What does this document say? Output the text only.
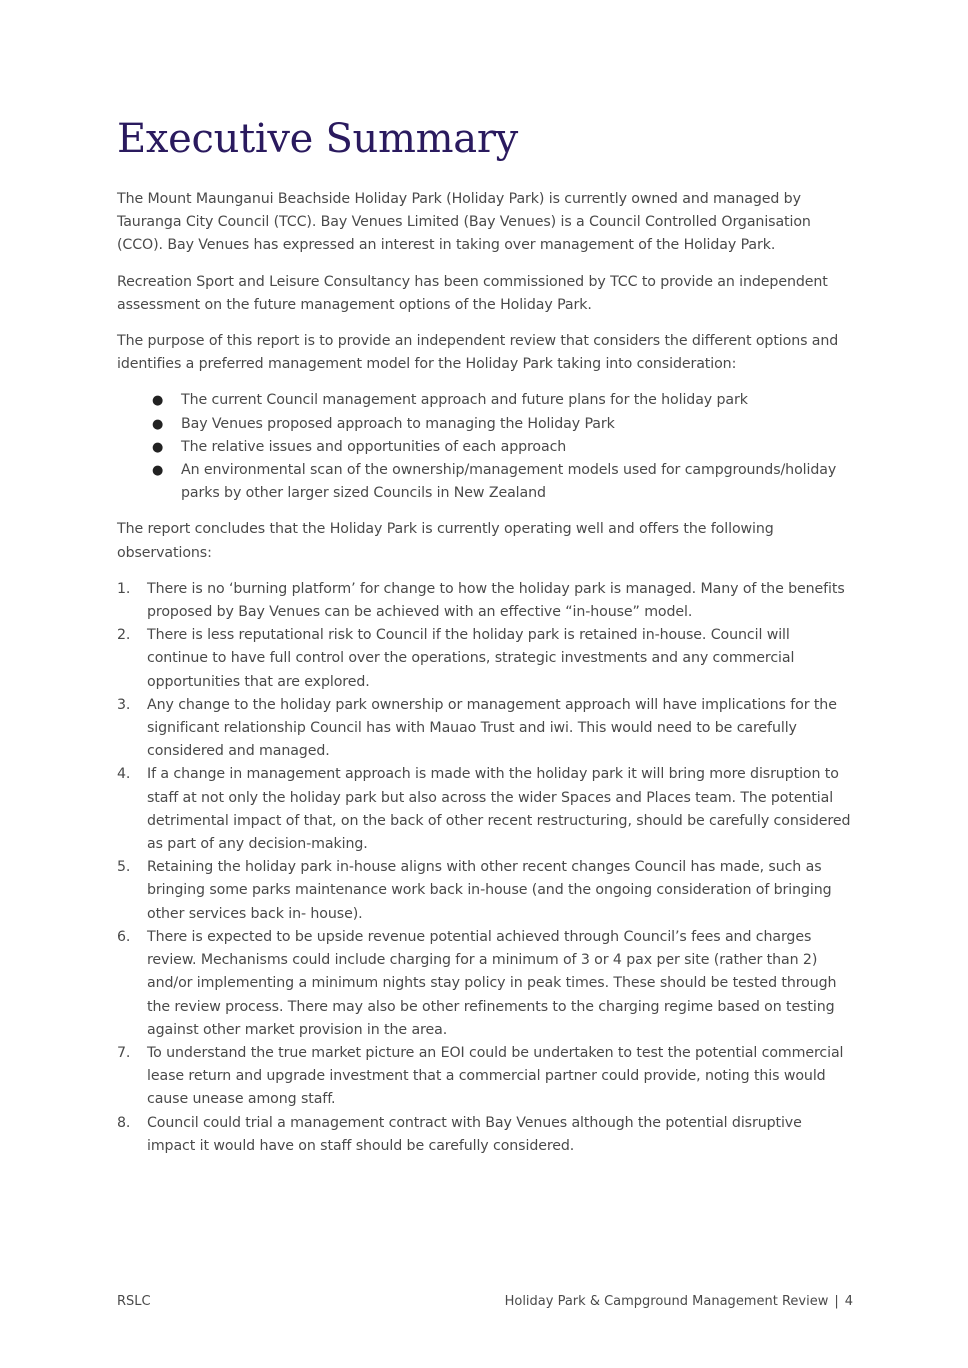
Executive Summary

The Mount Maunganui Beachside Holiday Park (Holiday Park) is currently owned and managed by Tauranga City Council (TCC). Bay Venues Limited (Bay Venues) is a Council Controlled Organisation (CCO). Bay Venues has expressed an interest in taking over management of the Holiday Park.

Recreation Sport and Leisure Consultancy has been commissioned by TCC to provide an independent assessment on the future management options of the Holiday Park.

The purpose of this report is to provide an independent review that considers the different options and identifies a preferred management model for the Holiday Park taking into consideration:

● The current Council management approach and future plans for the holiday park
● Bay Venues proposed approach to managing the Holiday Park
● The relative issues and opportunities of each approach
● An environmental scan of the ownership/management models used for campgrounds/holiday parks by other larger sized Councils in New Zealand

The report concludes that the Holiday Park is currently operating well and offers the following observations:

1. There is no ‘burning platform’ for change to how the holiday park is managed. Many of the benefits proposed by Bay Venues can be achieved with an effective “in-house” model.
2. There is less reputational risk to Council if the holiday park is retained in-house. Council will continue to have full control over the operations, strategic investments and any commercial opportunities that are explored.
3. Any change to the holiday park ownership or management approach will have implications for the significant relationship Council has with Mauao Trust and iwi. This would need to be carefully considered and managed.
4. If a change in management approach is made with the holiday park it will bring more disruption to staff at not only the holiday park but also across the wider Spaces and Places team. The potential detrimental impact of that, on the back of other recent restructuring, should be carefully considered as part of any decision-making.
5. Retaining the holiday park in-house aligns with other recent changes Council has made, such as bringing some parks maintenance work back in-house (and the ongoing consideration of bringing other services back in- house).
6. There is expected to be upside revenue potential achieved through Council’s fees and charges review. Mechanisms could include charging for a minimum of 3 or 4 pax per site (rather than 2) and/or implementing a minimum nights stay policy in peak times. These should be tested through the review process. There may also be other refinements to the charging regime based on testing against other market provision in the area.
7. To understand the true market picture an EOI could be undertaken to test the potential commercial lease return and upgrade investment that a commercial partner could provide, noting this would cause unease among staff.
8. Council could trial a management contract with Bay Venues although the potential disruptive impact it would have on staff should be carefully considered.
RSLC	Holiday Park & Campground Management Review | 4
